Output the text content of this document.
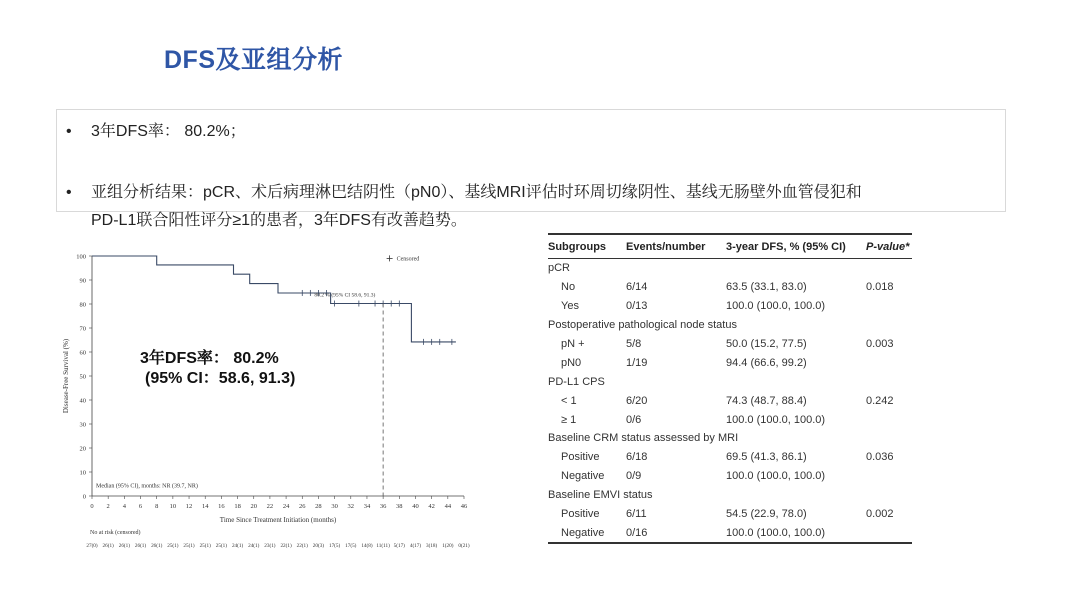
DFS及亚组分析
• 3年DFS率： 80.2%；
• 亚组分析结果：pCR、术后病理淋巴结阴性（pN0）、基线MRI评估时环周切缘阴性、基线无肠壁外血管侵犯和
PD-L1联合阳性评分≥1的患者，3年DFS有改善趋势。
0 2 4 6 8 10 12 14 16 18 20 22 24 26 28 30 32 34 36 38 40 42 44 46
0
10
20
30
40
50
60
70
80
90
100
Time Since Treatment Initiation (months)
Disease-Free Survival (%)
80.2 % (95% CI 58.6, 91.3)
Censored
Median (95% CI), months: NR (39.7, NR)
No at risk (censored)
27(0) 26(1) 26(1) 26(1) 26(1) 25(1) 25(1) 25(1) 25(1) 24(1) 24(1) 23(1) 22(1) 22(1) 20(3) 17(5) 17(5) 14(8) 11(11) 5(17) 4(17) 3(18) 1(20) 0(21)
3年DFS率： 80.2%
(95% CI：58.6, 91.3)
Subgroups	Events/number	3-year DFS, % (95% CI)	P-value*
pCR			
No	6/14	63.5 (33.1, 83.0)	0.018
Yes	0/13	100.0 (100.0, 100.0)	
Postoperative pathological node status			
pN +	5/8	50.0 (15.2, 77.5)	0.003
pN0	1/19	94.4 (66.6, 99.2)	
PD-L1 CPS			
< 1	6/20	74.3 (48.7, 88.4)	0.242
≥ 1	0/6	100.0 (100.0, 100.0)	
Baseline CRM status assessed by MRI			
Positive	6/18	69.5 (41.3, 86.1)	0.036
Negative	0/9	100.0 (100.0, 100.0)	
Baseline EMVI status			
Positive	6/11	54.5 (22.9, 78.0)	0.002
Negative	0/16	100.0 (100.0, 100.0)	
